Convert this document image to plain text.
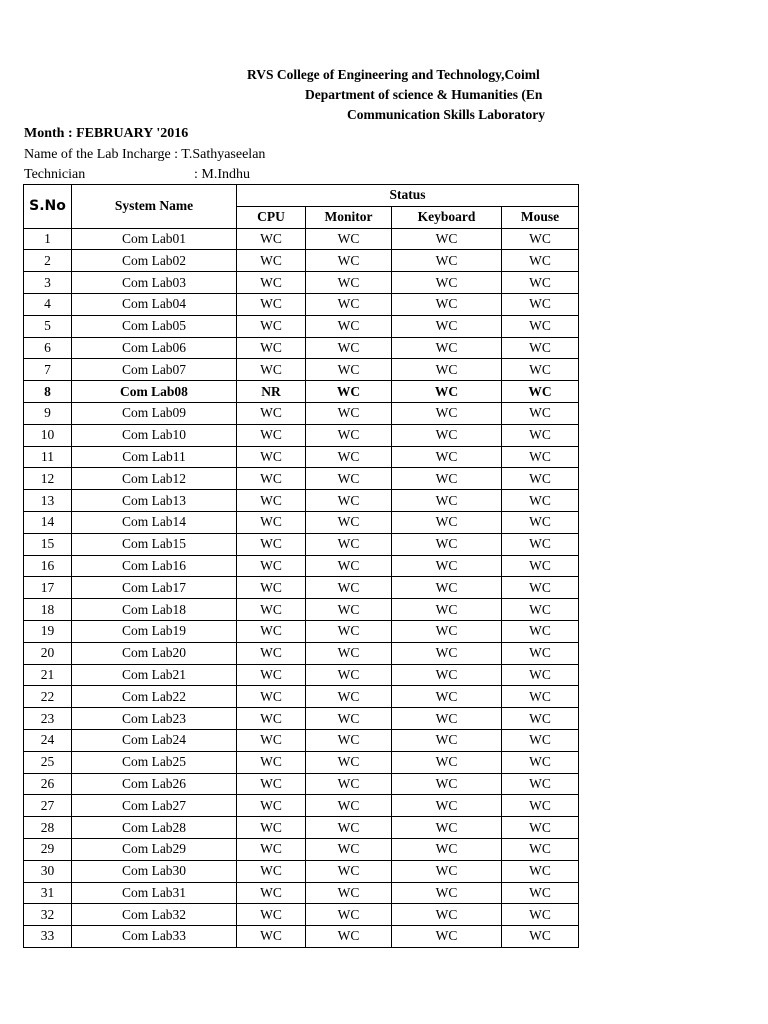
RVS College of Engineering and Technology,Coiml
Department of science & Humanities (En
Communication Skills Laboratory
Month : FEBRUARY '2016
Name of the Lab Incharge : T.Sathyaseelan
Technician	: M.Indhu
S.No	System Name	Status			
		CPU	Monitor	Keyboard	Mouse
1	Com Lab01	WC	WC	WC	WC
2	Com Lab02	WC	WC	WC	WC
3	Com Lab03	WC	WC	WC	WC
4	Com Lab04	WC	WC	WC	WC
5	Com Lab05	WC	WC	WC	WC
6	Com Lab06	WC	WC	WC	WC
7	Com Lab07	WC	WC	WC	WC
8	Com Lab08	NR	WC	WC	WC
9	Com Lab09	WC	WC	WC	WC
10	Com Lab10	WC	WC	WC	WC
11	Com Lab11	WC	WC	WC	WC
12	Com Lab12	WC	WC	WC	WC
13	Com Lab13	WC	WC	WC	WC
14	Com Lab14	WC	WC	WC	WC
15	Com Lab15	WC	WC	WC	WC
16	Com Lab16	WC	WC	WC	WC
17	Com Lab17	WC	WC	WC	WC
18	Com Lab18	WC	WC	WC	WC
19	Com Lab19	WC	WC	WC	WC
20	Com Lab20	WC	WC	WC	WC
21	Com Lab21	WC	WC	WC	WC
22	Com Lab22	WC	WC	WC	WC
23	Com Lab23	WC	WC	WC	WC
24	Com Lab24	WC	WC	WC	WC
25	Com Lab25	WC	WC	WC	WC
26	Com Lab26	WC	WC	WC	WC
27	Com Lab27	WC	WC	WC	WC
28	Com Lab28	WC	WC	WC	WC
29	Com Lab29	WC	WC	WC	WC
30	Com Lab30	WC	WC	WC	WC
31	Com Lab31	WC	WC	WC	WC
32	Com Lab32	WC	WC	WC	WC
33	Com Lab33	WC	WC	WC	WC
